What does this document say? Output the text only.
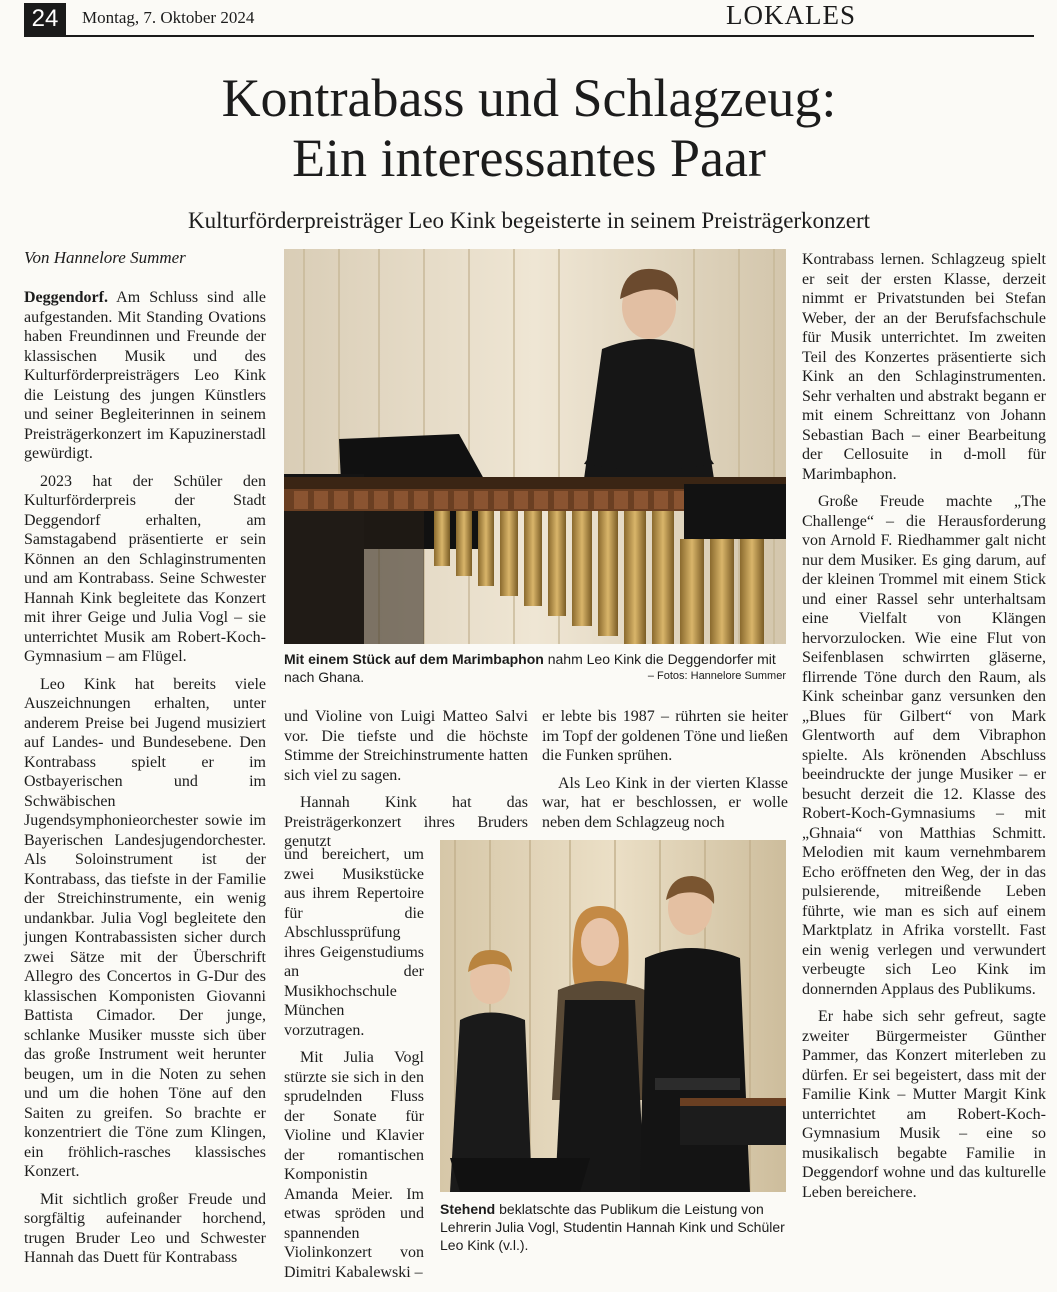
24	Montag, 7. Oktober 2024	LOKALES
Kontrabass und Schlagzeug:
Ein interessantes Paar
Kulturförderpreisträger Leo Kink begeisterte in seinem Preisträgerkonzert
Von Hannelore Summer

Deggendorf. Am Schluss sind alle aufgestanden. Mit Standing Ovations haben Freundinnen und Freunde der klassischen Musik und des Kulturförderpreisträgers Leo Kink die Leistung des jungen Künstlers und seiner Begleiterinnen in seinem Preisträgerkonzert im Kapuzinerstadl gewürdigt.

2023 hat der Schüler den Kulturförderpreis der Stadt Deggendorf erhalten, am Samstagabend präsentierte er sein Können an den Schlaginstrumenten und am Kontrabass. Seine Schwester Hannah Kink begleitete das Konzert mit ihrer Geige und Julia Vogl – sie unterrichtet Musik am Robert-Koch-Gymnasium – am Flügel.

Leo Kink hat bereits viele Auszeichnungen erhalten, unter anderem Preise bei Jugend musiziert auf Landes- und Bundesebene. Den Kontrabass spielt er im Ostbayerischen und im Schwäbischen Jugendsymphonieorchester sowie im Bayerischen Landesjugendorchester. Als Soloinstrument ist der Kontrabass, das tiefste in der Familie der Streichinstrumente, ein wenig undankbar. Julia Vogl begleitete den jungen Kontrabassisten sicher durch zwei Sätze mit der Überschrift Allegro des Concertos in G-Dur des klassischen Komponisten Giovanni Battista Cimador. Der junge, schlanke Musiker musste sich über das große Instrument weit herunter beugen, um in die Noten zu sehen und um die hohen Töne auf den Saiten zu greifen. So brachte er konzentriert die Töne zum Klingen, ein fröhlich-rasches klassisches Konzert.

Mit sichtlich großer Freude und sorgfältig aufeinander horchend, trugen Bruder Leo und Schwester Hannah das Duett für Kontrabass

Mit einem Stück auf dem Marimbaphon nahm Leo Kink die Deggendorfer mit nach Ghana.	– Fotos: Hannelore Summer

und Violine von Luigi Matteo Salvi vor. Die tiefste und die höchste Stimme der Streichinstrumente hatten sich viel zu sagen.

Hannah Kink hat das Preisträgerkonzert ihres Bruders genutzt

und bereichert, um zwei Musikstücke aus ihrem Repertoire für die Abschlussprüfung ihres Geigenstudiums an der Musikhochschule München vorzutragen.

Mit Julia Vogl stürzte sie sich in den sprudelnden Fluss der Sonate für Violine und Klavier der romantischen Komponistin Amanda Meier. Im etwas spröden und spannenden Violinkonzert von Dimitri Kabalewski –

er lebte bis 1987 – rührten sie heiter im Topf der goldenen Töne und ließen die Funken sprühen.

Als Leo Kink in der vierten Klasse war, hat er beschlossen, er wolle neben dem Schlagzeug noch

Stehend beklatschte das Publikum die Leistung von Lehrerin Julia Vogl, Studentin Hannah Kink und Schüler Leo Kink (v.l.).

Kontrabass lernen. Schlagzeug spielt er seit der ersten Klasse, derzeit nimmt er Privatstunden bei Stefan Weber, der an der Berufsfachschule für Musik unterrichtet. Im zweiten Teil des Konzertes präsentierte sich Kink an den Schlaginstrumenten. Sehr verhalten und abstrakt begann er mit einem Schreittanz von Johann Sebastian Bach – einer Bearbeitung der Cellosuite in d-moll für Marimbaphon.

Große Freude machte „The Challenge“ – die Herausforderung von Arnold F. Riedhammer galt nicht nur dem Musiker. Es ging darum, auf der kleinen Trommel mit einem Stick und einer Rassel sehr unterhaltsam eine Vielfalt von Klängen hervorzulocken. Wie eine Flut von Seifenblasen schwirrten gläserne, flirrende Töne durch den Raum, als Kink scheinbar ganz versunken den „Blues für Gilbert“ von Mark Glentworth auf dem Vibraphon spielte. Als krönenden Abschluss beeindruckte der junge Musiker – er besucht derzeit die 12. Klasse des Robert-Koch-Gymnasiums – mit „Ghnaia“ von Matthias Schmitt. Melodien mit kaum vernehmbarem Echo eröffneten den Weg, der in das pulsierende, mitreißende Leben führte, wie man es sich auf einem Marktplatz in Afrika vorstellt. Fast ein wenig verlegen und verwundert verbeugte sich Leo Kink im donnernden Applaus des Publikums.

Er habe sich sehr gefreut, sagte zweiter Bürgermeister Günther Pammer, das Konzert miterleben zu dürfen. Er sei begeistert, dass mit der Familie Kink – Mutter Margit Kink unterrichtet am Robert-Koch-Gymnasium Musik – eine so musikalisch begabte Familie in Deggendorf wohne und das kulturelle Leben bereichere.
